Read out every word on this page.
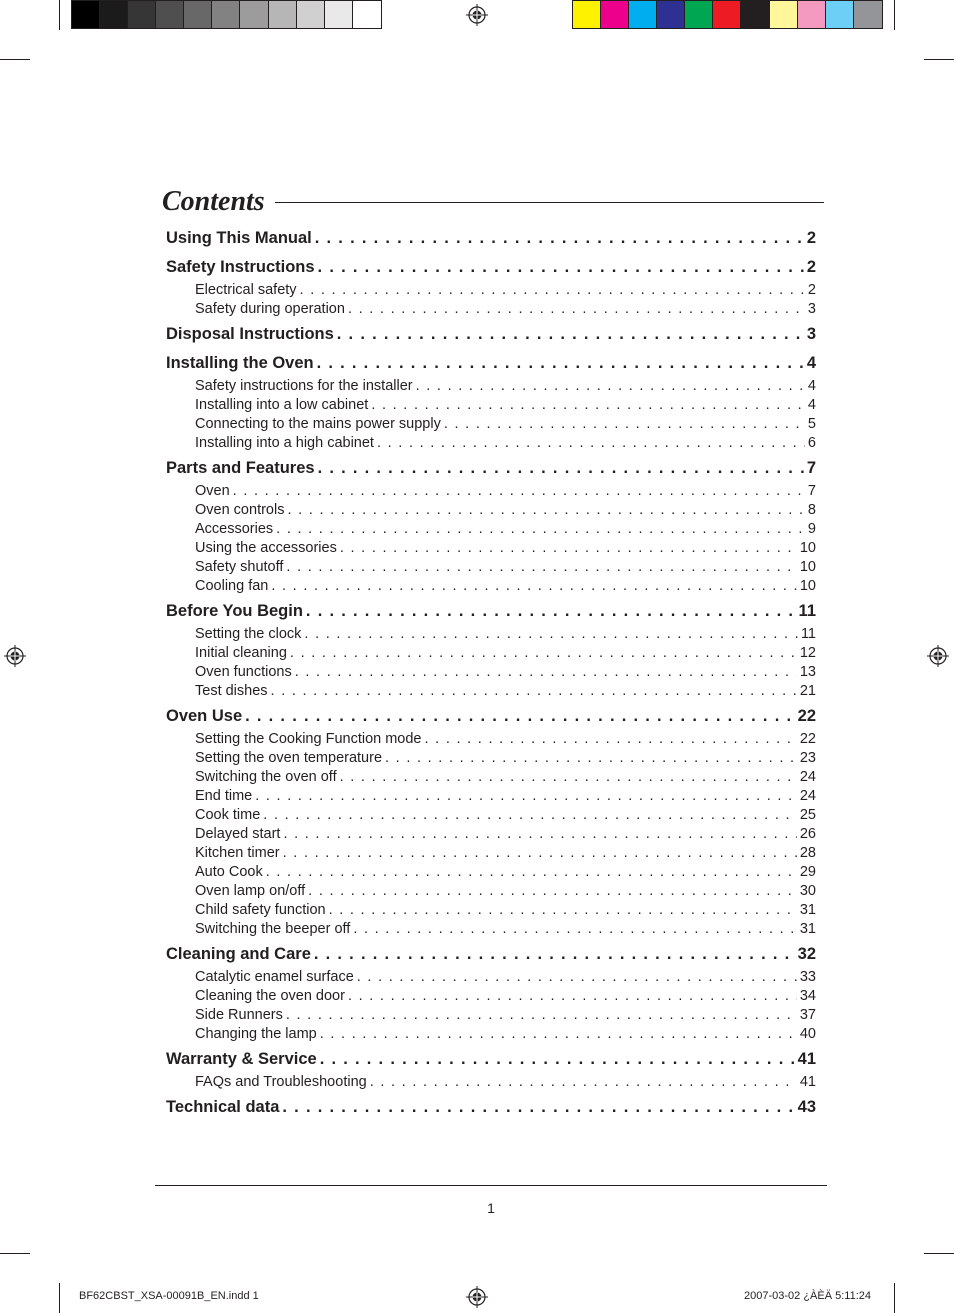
Contents
Using This Manual . . .	2
Safety Instructions . . .	2
Electrical safety . . .	2
Safety during operation . . .	3
Disposal Instructions . . .	3
Installing the Oven . . .	4
Safety instructions for the installer . . .	4
Installing into a low cabinet . . .	4
Connecting to the mains power supply . . .	5
Installing into a high cabinet . . .	6
Parts and Features . . .	7
Oven . . .	7
Oven controls . . .	8
Accessories . . .	9
Using the accessories . . .	10
Safety shutoff . . .	10
Cooling fan . . .	10
Before You Begin . . .	11
Setting the clock . . .	11
Initial cleaning . . .	12
Oven functions . . .	13
Test dishes . . .	21
Oven Use . . .	22
Setting the Cooking Function mode . . .	22
Setting the oven temperature . . .	23
Switching the oven off . . .	24
End time . . .	24
Cook time . . .	25
Delayed start . . .	26
Kitchen timer . . .	28
Auto Cook . . .	29
Oven lamp on/off . . .	30
Child safety function . . .	31
Switching the beeper off . . .	31
Cleaning and Care . . .	32
Catalytic enamel surface . . .	33
Cleaning the oven door . . .	34
Side Runners . . .	37
Changing the lamp . . .	40
Warranty & Service . . .	41
FAQs and Troubleshooting . . .	41
Technical data . . .	43
1
BF62CBST_XSA-00091B_EN.indd 1	2007-03-02 ¿ÀÈÄ 5:11:24
